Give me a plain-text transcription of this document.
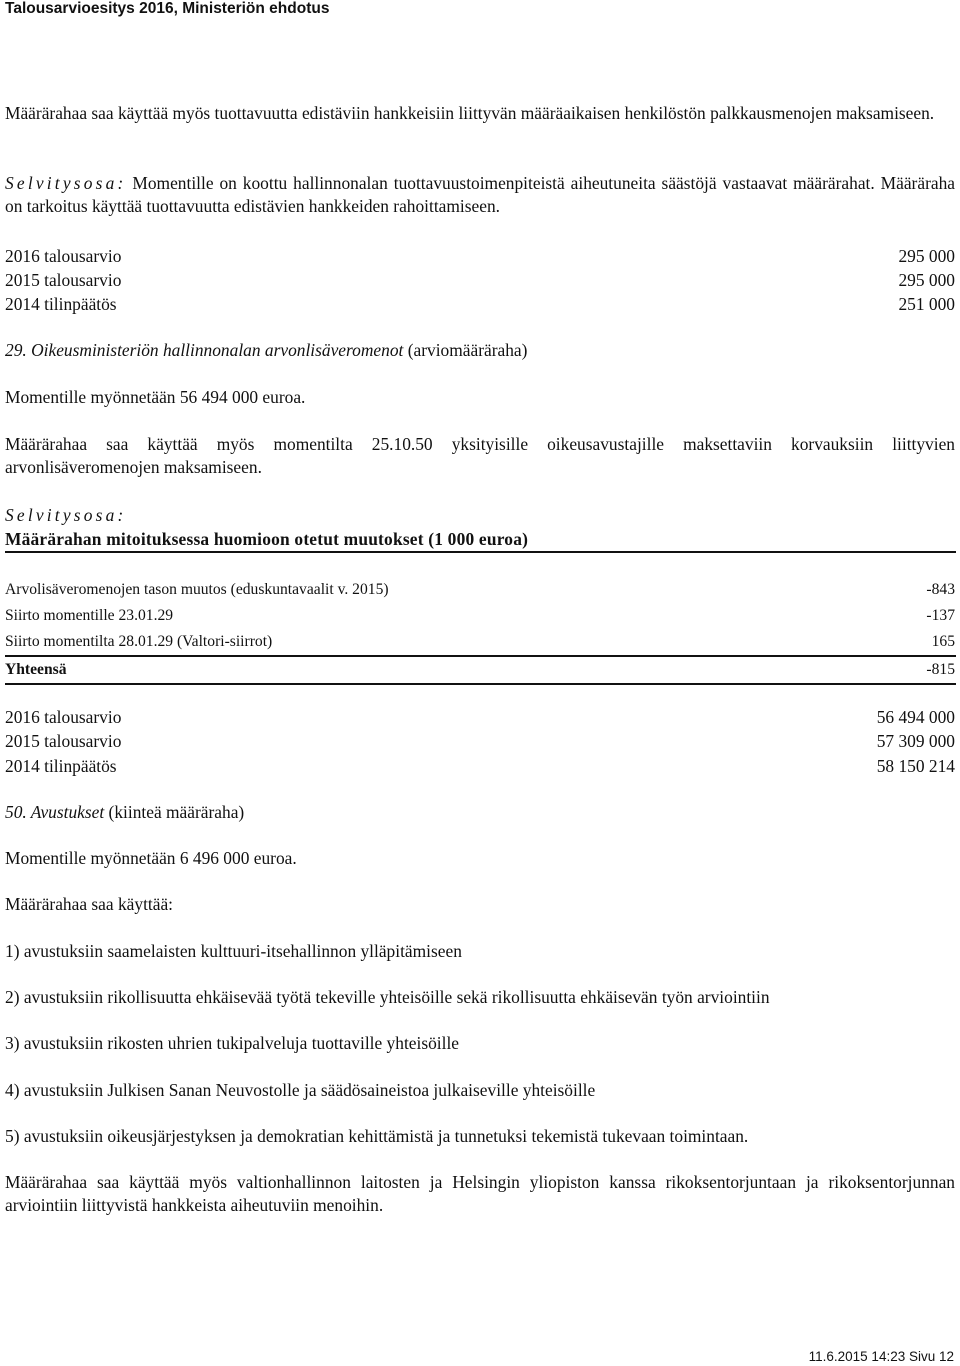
Talousarvioesitys 2016, Ministeriön ehdotus
Määrärahaa saa käyttää myös tuottavuutta edistäviin hankkeisiin liittyvän määräaikaisen henkilöstön palkkausmenojen maksamiseen.
Selvitysosa: Momentille on koottu hallinnonalan tuottavuustoimenpiteistä aiheutuneita säästöjä vastaavat määrärahat. Määräraha on tarkoitus käyttää tuottavuutta edistävien hankkeiden rahoittamiseen.
2016 talousarvio	295 000
2015 talousarvio	295 000
2014 tilinpäätös	251 000
29. Oikeusministeriön hallinnonalan arvonlisäveromenot (arviomääräraha)
Momentille myönnetään 56 494 000 euroa.
Määrärahaa saa käyttää myös momentilta 25.10.50 yksityisille oikeusavustajille maksettaviin korvauksiin liittyvien arvonlisäveromenojen maksamiseen.
Selvitysosa:
Määrärahan mitoituksessa huomioon otetut muutokset (1 000 euroa)
Arvolisäveromenojen tason muutos (eduskuntavaalit v. 2015)	-843
Siirto momentille 23.01.29	-137
Siirto momentilta 28.01.29 (Valtori-siirrot)	165
Yhteensä	-815
2016 talousarvio	56 494 000
2015 talousarvio	57 309 000
2014 tilinpäätös	58 150 214
50. Avustukset (kiinteä määräraha)
Momentille myönnetään 6 496 000 euroa.
Määrärahaa saa käyttää:
1) avustuksiin saamelaisten kulttuuri-itsehallinnon ylläpitämiseen
2) avustuksiin rikollisuutta ehkäisevää työtä tekeville yhteisöille sekä rikollisuutta ehkäisevän työn arviointiin
3) avustuksiin rikosten uhrien tukipalveluja tuottaville yhteisöille
4) avustuksiin Julkisen Sanan Neuvostolle ja säädösaineistoa julkaiseville yhteisöille
5) avustuksiin oikeusjärjestyksen ja demokratian kehittämistä ja tunnetuksi tekemistä tukevaan toimintaan.
Määrärahaa saa käyttää myös valtionhallinnon laitosten ja Helsingin yliopiston kanssa rikoksentorjuntaan ja rikoksentorjunnan arviointiin liittyvistä hankkeista aiheutuviin menoihin.
11.6.2015 14:23 Sivu 12
